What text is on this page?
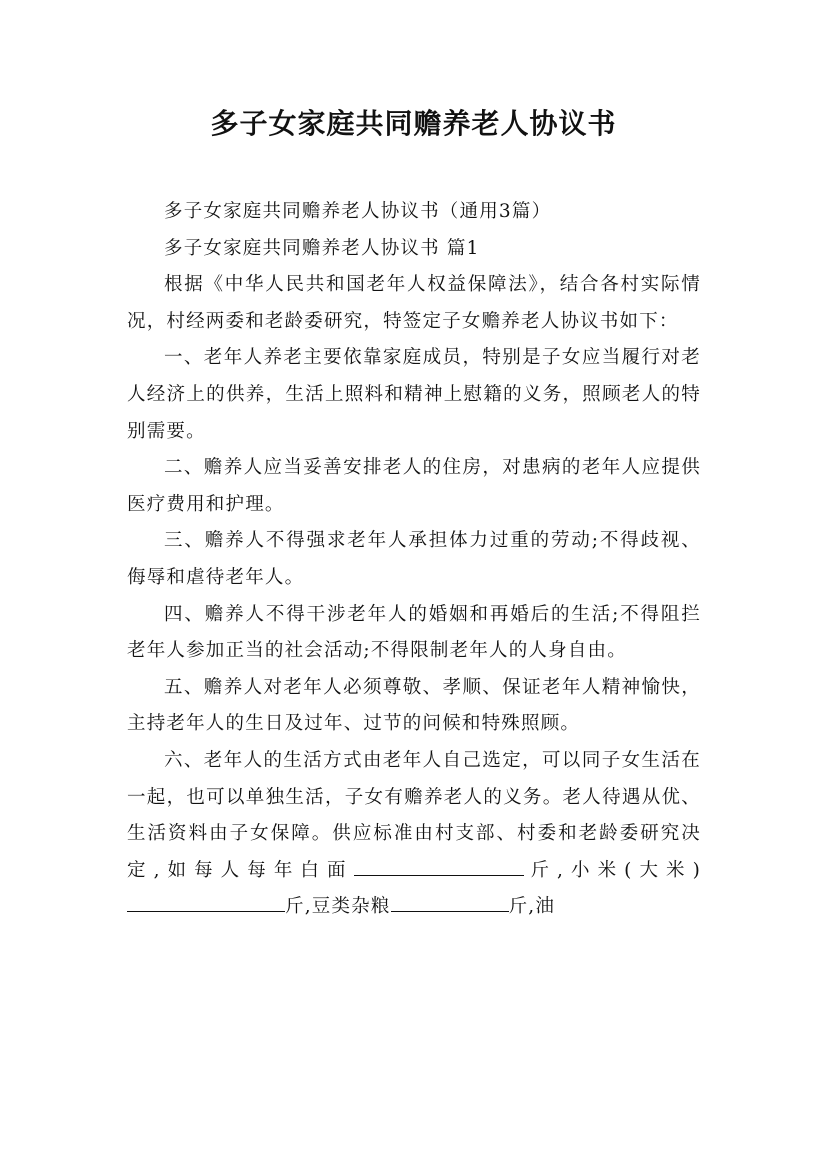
多子女家庭共同赡养老人协议书

多子女家庭共同赡养老人协议书（通用3篇）

多子女家庭共同赡养老人协议书 篇1

根据《中华人民共和国老年人权益保障法》，结合各村实际情况，村经两委和老龄委研究，特签定子女赡养老人协议书如下：

一、老年人养老主要依靠家庭成员，特别是子女应当履行对老人经济上的供养，生活上照料和精神上慰籍的义务，照顾老人的特别需要。

二、赡养人应当妥善安排老人的住房，对患病的老年人应提供医疗费用和护理。

三、赡养人不得强求老年人承担体力过重的劳动;不得歧视、侮辱和虐待老年人。

四、赡养人不得干涉老年人的婚姻和再婚后的生活;不得阻拦老年人参加正当的社会活动;不得限制老年人的人身自由。

五、赡养人对老年人必须尊敬、孝顺、保证老年人精神愉快，主持老年人的生日及过年、过节的问候和特殊照顾。

六、老年人的生活方式由老年人自己选定，可以同子女生活在一起，也可以单独生活，子女有赡养老人的义务。老人待遇从优、生活资料由子女保障。供应标准由村支部、村委和老龄委研究决定,如每人每年白面	斤,小米(大米)斤,豆类杂粮	斤,油
